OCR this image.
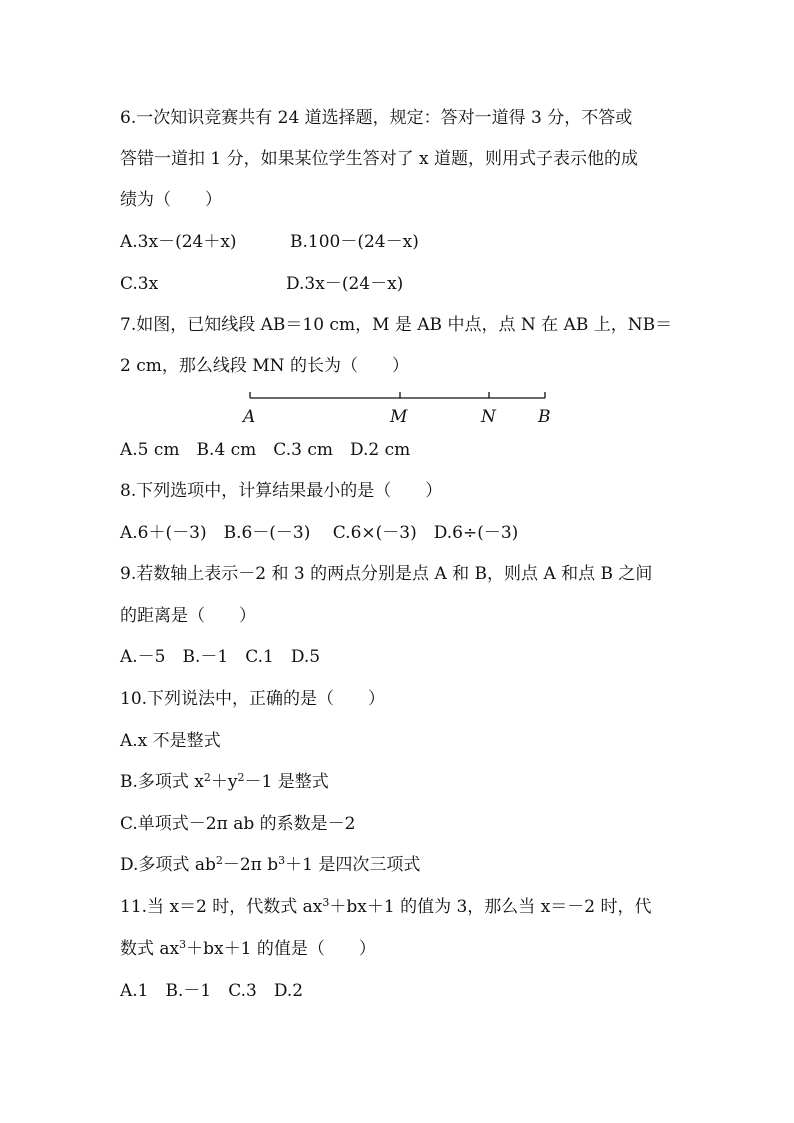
6.一次知识竞赛共有 24 道选择题，规定：答对一道得 3 分，不答或
答错一道扣 1 分，如果某位学生答对了 x 道题，则用式子表示他的成
绩为（　　）
A.3x－(24＋x)	B.100－(24－x)
C.3x	D.3x－(24－x)
7.如图，已知线段 AB＝10 cm，M 是 AB 中点，点 N 在 AB 上，NB＝
2 cm，那么线段 MN 的长为（　　）
A	M	N B
A.5 cm　B.4 cm　C.3 cm　D.2 cm
8.下列选项中，计算结果最小的是（　　）
A.6＋(－3)　B.6－(－3)　 C.6×(－3)　D.6÷(－3)
9.若数轴上表示－2 和 3 的两点分别是点 A 和 B，则点 A 和点 B 之间
的距离是（　　）
A.－5　B.－1　C.1　D.5
10.下列说法中，正确的是（　　）
A.x 不是整式
B.多项式 $x^2+y^2-1$ 是整式
C.单项式－2π ab 的系数是－2
D.多项式 $ab^2-2\pi$ $b^3+1$ 是四次三项式
11.当 x＝2 时，代数式 $ax^3+bx+1$ 的值为 3，那么当 x＝－2 时，代
数式 $ax^3+bx+1$ 的值是（　　）
A.1　B.－1　C.3　D.2
